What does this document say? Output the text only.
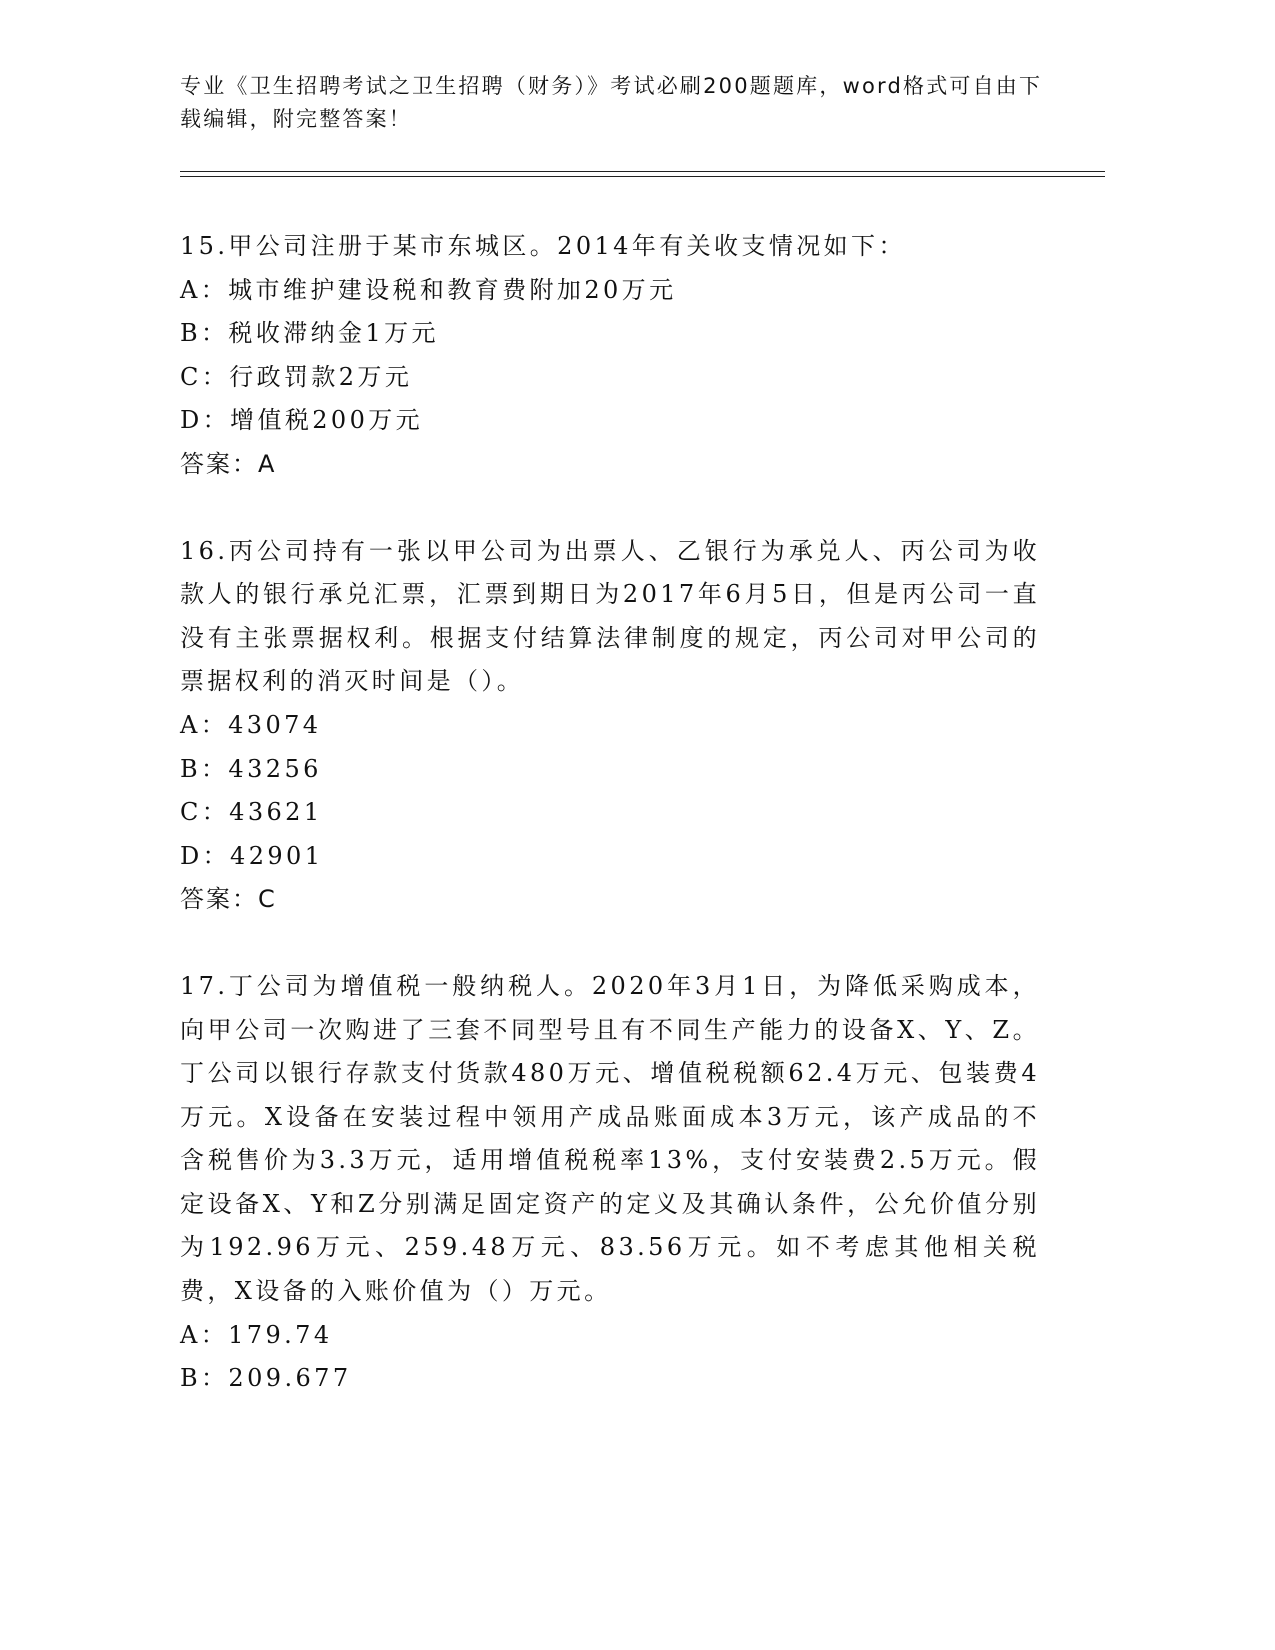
专业《卫生招聘考试之卫生招聘（财务）》考试必刷200题题库，word格式可自由下载编辑，附完整答案！

15.甲公司注册于某市东城区。2014年有关收支情况如下：

A：城市维护建设税和教育费附加20万元

B：税收滞纳金1万元

C：行政罚款2万元

D：增值税200万元

答案：A

16.丙公司持有一张以甲公司为出票人、乙银行为承兑人、丙公司为收款人的银行承兑汇票，汇票到期日为2017年6月5日，但是丙公司一直没有主张票据权利。根据支付结算法律制度的规定，丙公司对甲公司的票据权利的消灭时间是（）。

A：43074

B：43256

C：43621

D：42901

答案：C

17.丁公司为增值税一般纳税人。2020年3月1日，为降低采购成本，向甲公司一次购进了三套不同型号且有不同生产能力的设备X、Y、Z。丁公司以银行存款支付货款480万元、增值税税额62.4万元、包装费4万元。X设备在安装过程中领用产成品账面成本3万元，该产成品的不含税售价为3.3万元，适用增值税税率13%，支付安装费2.5万元。假定设备X、Y和Z分别满足固定资产的定义及其确认条件，公允价值分别为192.96万元、259.48万元、83.56万元。如不考虑其他相关税费，X设备的入账价值为（）万元。

A：179.74

B：209.677
